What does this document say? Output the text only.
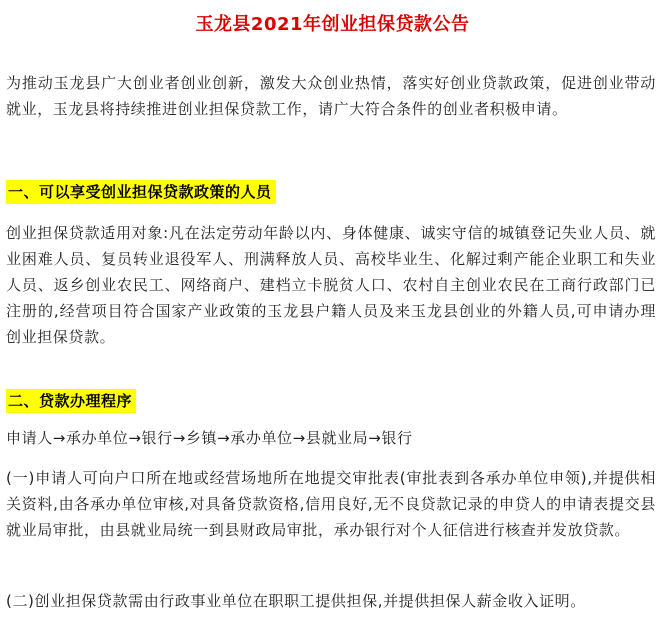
玉龙县2021年创业担保贷款公告

为推动玉龙县广大创业者创业创新，激发大众创业热情，落实好创业贷款政策，促进创业带动就业，玉龙县将持续推进创业担保贷款工作，请广大符合条件的创业者积极申请。

一、可以享受创业担保贷款政策的人员

创业担保贷款适用对象:凡在法定劳动年龄以内、身体健康、诚实守信的城镇登记失业人员、就业困难人员、复员转业退役军人、刑满释放人员、高校毕业生、化解过剩产能企业职工和失业人员、返乡创业农民工、网络商户、建档立卡脱贫人口、农村自主创业农民在工商行政部门已注册的,经营项目符合国家产业政策的玉龙县户籍人员及来玉龙县创业的外籍人员,可申请办理创业担保贷款。

二、贷款办理程序

申请人→承办单位→银行→乡镇→承办单位→县就业局→银行

(一)申请人可向户口所在地或经营场地所在地提交审批表(审批表到各承办单位申领),并提供相关资料,由各承办单位审核,对具备贷款资格,信用良好,无不良贷款记录的申贷人的申请表提交县就业局审批，由县就业局统一到县财政局审批，承办银行对个人征信进行核查并发放贷款。

(二)创业担保贷款需由行政事业单位在职职工提供担保,并提供担保人薪金收入证明。
